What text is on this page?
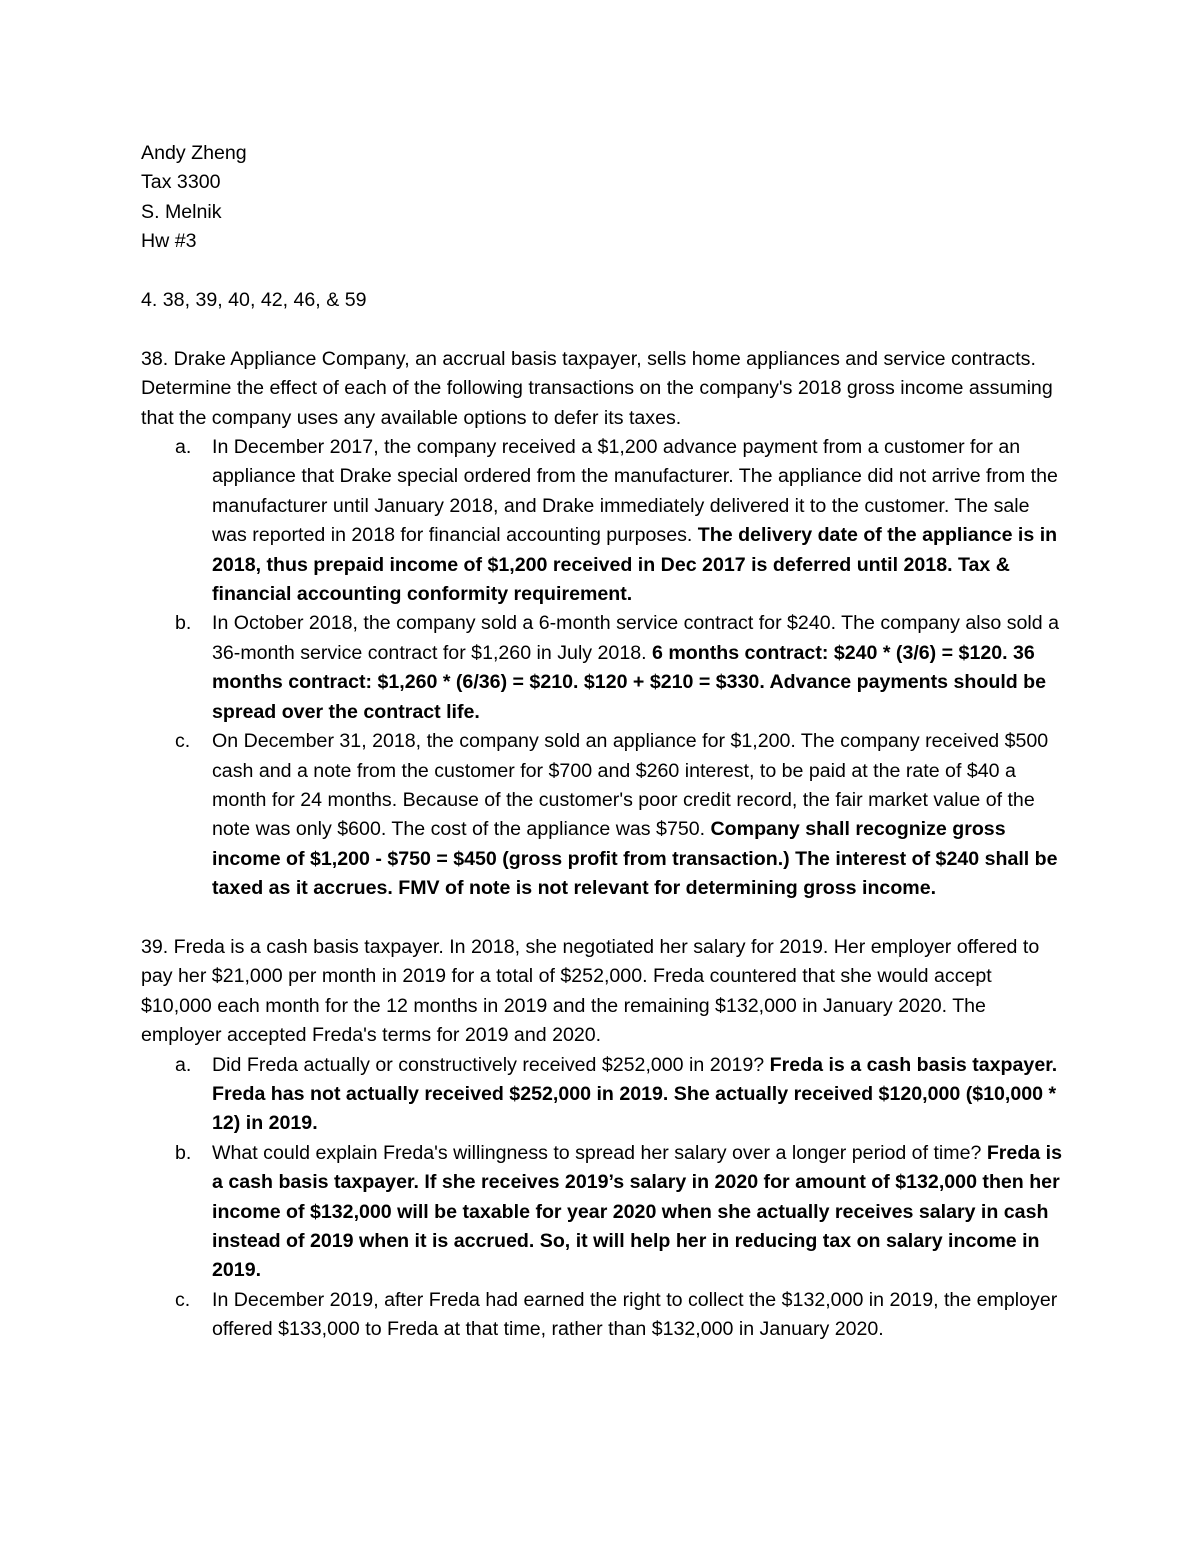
Andy Zheng
Tax 3300
S. Melnik
Hw #3

4. 38, 39, 40, 42, 46, & 59

38. Drake Appliance Company, an accrual basis taxpayer, sells home appliances and service contracts. Determine the effect of each of the following transactions on the company's 2018 gross income assuming that the company uses any available options to defer its taxes.

a. In December 2017, the company received a $1,200 advance payment from a customer for an appliance that Drake special ordered from the manufacturer. The appliance did not arrive from the manufacturer until January 2018, and Drake immediately delivered it to the customer. The sale was reported in 2018 for financial accounting purposes. The delivery date of the appliance is in 2018, thus prepaid income of $1,200 received in Dec 2017 is deferred until 2018. Tax & financial accounting conformity requirement.
b. In October 2018, the company sold a 6-month service contract for $240. The company also sold a 36-month service contract for $1,260 in July 2018. 6 months contract: $240 * (3/6) = $120. 36 months contract: $1,260 * (6/36) = $210. $120 + $210 = $330. Advance payments should be spread over the contract life.
c. On December 31, 2018, the company sold an appliance for $1,200. The company received $500 cash and a note from the customer for $700 and $260 interest, to be paid at the rate of $40 a month for 24 months. Because of the customer's poor credit record, the fair market value of the note was only $600. The cost of the appliance was $750. Company shall recognize gross income of $1,200 - $750 = $450 (gross profit from transaction.) The interest of $240 shall be taxed as it accrues. FMV of note is not relevant for determining gross income.

39. Freda is a cash basis taxpayer. In 2018, she negotiated her salary for 2019. Her employer offered to pay her $21,000 per month in 2019 for a total of $252,000. Freda countered that she would accept $10,000 each month for the 12 months in 2019 and the remaining $132,000 in January 2020. The employer accepted Freda's terms for 2019 and 2020.

a. Did Freda actually or constructively received $252,000 in 2019? Freda is a cash basis taxpayer. Freda has not actually received $252,000 in 2019. She actually received $120,000 ($10,000 * 12) in 2019.
b. What could explain Freda's willingness to spread her salary over a longer period of time? Freda is a cash basis taxpayer. If she receives 2019’s salary in 2020 for amount of $132,000 then her income of $132,000 will be taxable for year 2020 when she actually receives salary in cash instead of 2019 when it is accrued. So, it will help her in reducing tax on salary income in 2019.
c. In December 2019, after Freda had earned the right to collect the $132,000 in 2019, the employer offered $133,000 to Freda at that time, rather than $132,000 in January 2020.
